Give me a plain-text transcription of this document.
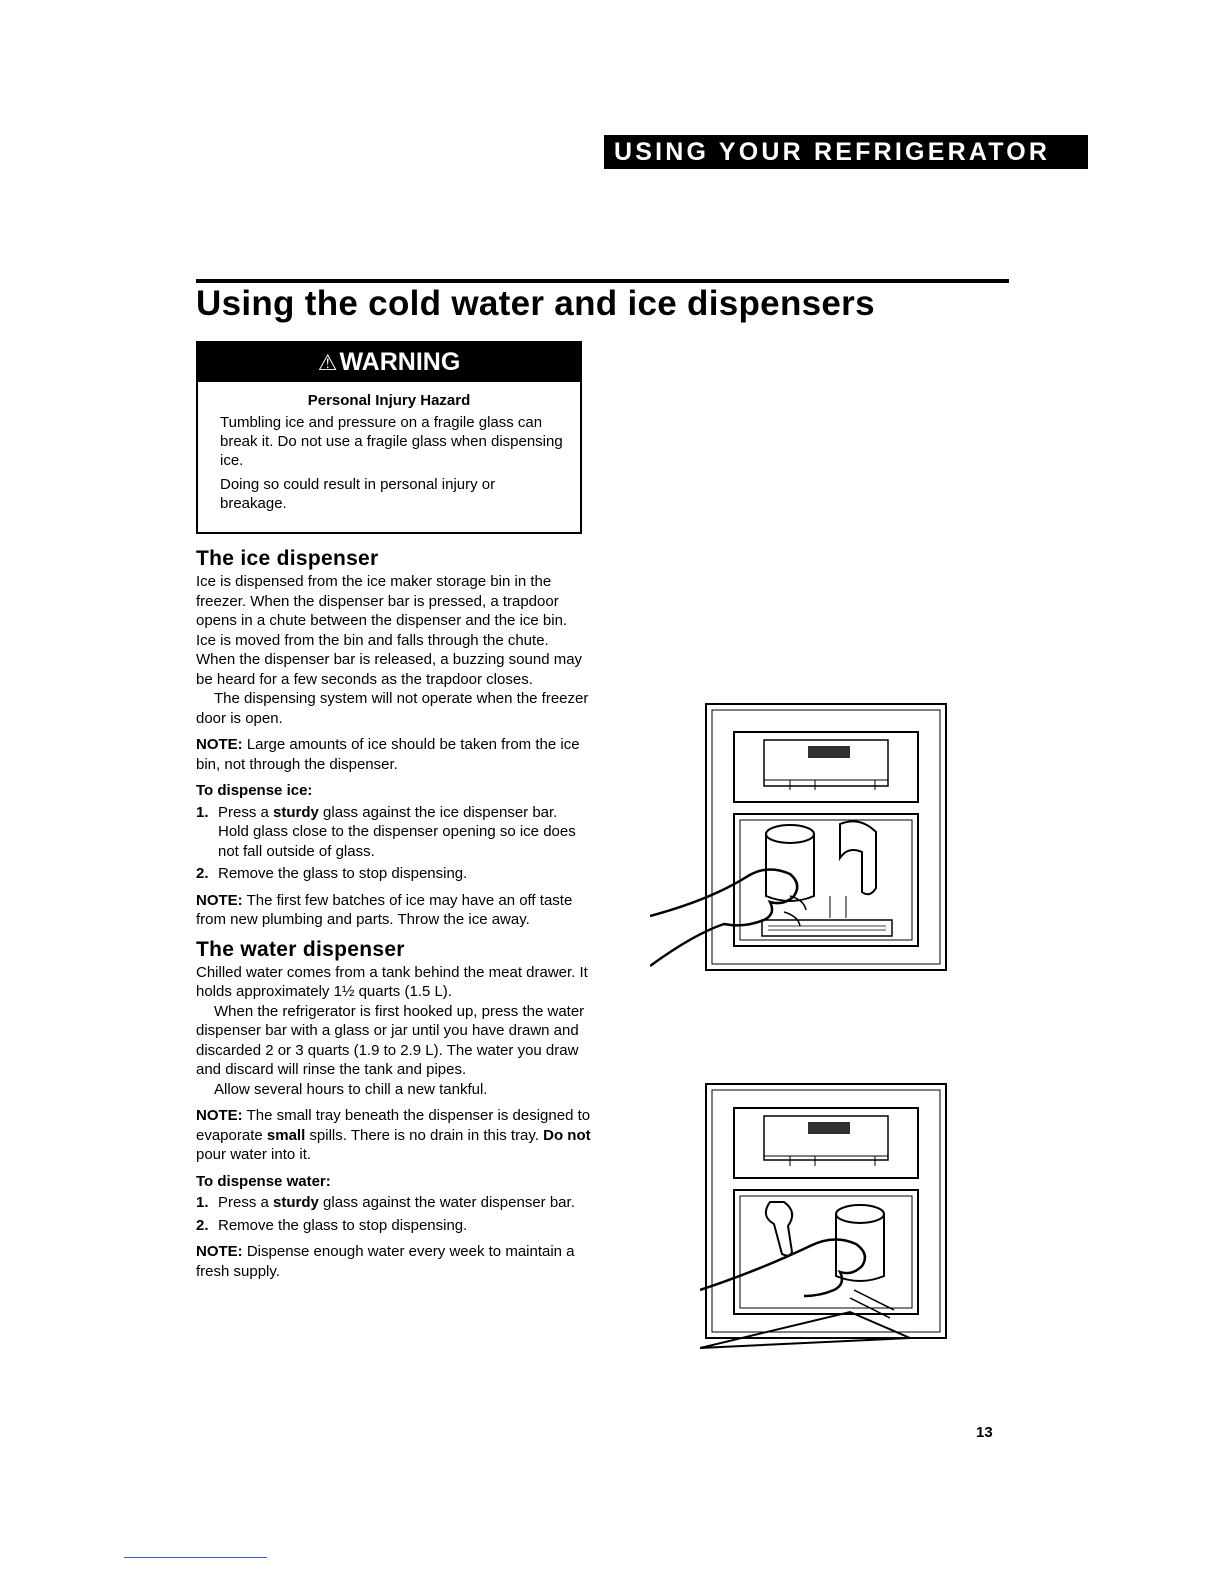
USING YOUR REFRIGERATOR
Using the cold water and ice dispensers
⚠WARNING
Personal Injury Hazard

Tumbling ice and pressure on a fragile glass can break it. Do not use a fragile glass when dispensing ice.

Doing so could result in personal injury or breakage.

The ice dispenser

Ice is dispensed from the ice maker storage bin in the freezer. When the dispenser bar is pressed, a trapdoor opens in a chute between the dispenser and the ice bin. Ice is moved from the bin and falls through the chute. When the dispenser bar is released, a buzzing sound may be heard for a few seconds as the trapdoor closes.

The dispensing system will not operate when the freezer door is open.

NOTE: Large amounts of ice should be taken from the ice bin, not through the dispenser.

To dispense ice:

1. Press a sturdy glass against the ice dispenser bar. Hold glass close to the dispenser opening so ice does not fall outside of glass.
2. Remove the glass to stop dispensing.

NOTE: The first few batches of ice may have an off taste from new plumbing and parts. Throw the ice away.

The water dispenser

Chilled water comes from a tank behind the meat drawer. It holds approximately 1½ quarts (1.5 L).

When the refrigerator is first hooked up, press the water dispenser bar with a glass or jar until you have drawn and discarded 2 or 3 quarts (1.9 to 2.9 L). The water you draw and discard will rinse the tank and pipes.

Allow several hours to chill a new tankful.

NOTE: The small tray beneath the dispenser is designed to evaporate small spills. There is no drain in this tray. Do not pour water into it.

To dispense water:

1. Press a sturdy glass against the water dispenser bar.
2. Remove the glass to stop dispensing.

NOTE: Dispense enough water every week to maintain a fresh supply.

13
